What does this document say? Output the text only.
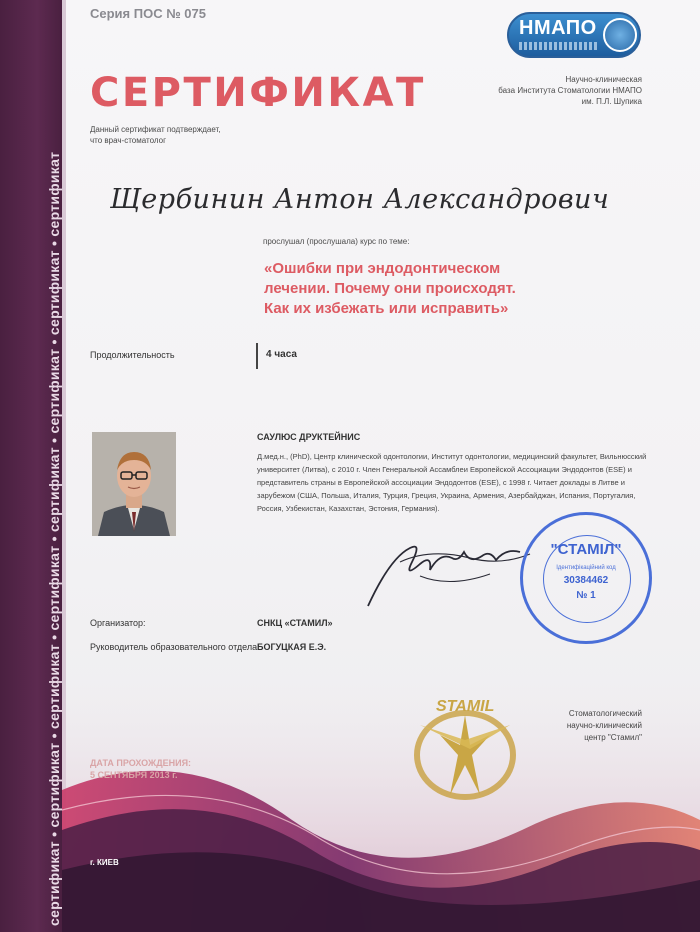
сертификат • сертификат • сертификат • сертификат • сертификат • сертификат • сертификат • сертификат
Серия ПОС № 075
НМАПО
Научно-клиническая
база Института Стоматологии НМАПО
им. П.Л. Шупика
СЕРТИФИКАТ
Данный сертификат подтверждает,
что врач-стоматолог
Щербинин Антон Александрович
прослушал (прослушала) курс по теме:
«Ошибки при эндодонтическом
лечении. Почему они происходят.
Как их избежать или исправить»
Продолжительность	4 часа
САУЛЮС ДРУКТЕЙНИС
Д.мед.н., (PhD), Центр клинической одонтологии, Институт одонтологии, медицинский факультет, Вильнюсский университет (Литва), с 2010 г. Член Генеральной Ассамблеи Европейской Ассоциации Эндодонтов (ESE) и представитель страны в Европейской ассоциации Эндодонтов (ESE), с 1998 г. Читает доклады в Литве и зарубежом (США, Польша, Италия, Турция, Греция, Украина, Армения, Азербайджан, Испания, Португалия, Россия, Узбекистан, Казахстан, Эстония, Германия).
"СТАМIЛ"
Ідентифікаційний код
30384462
№ 1
Организатор:	СНКЦ «СТАМИЛ»
Руководитель образовательного отдела:
БОГУЦКАЯ Е.Э.
STAMIL	Стоматологический
научно-клинический
центр "Стамил"
ДАТА ПРОХОЖДЕНИЯ:
5 СЕНТЯБРЯ 2013 г.
г. КИЕВ
